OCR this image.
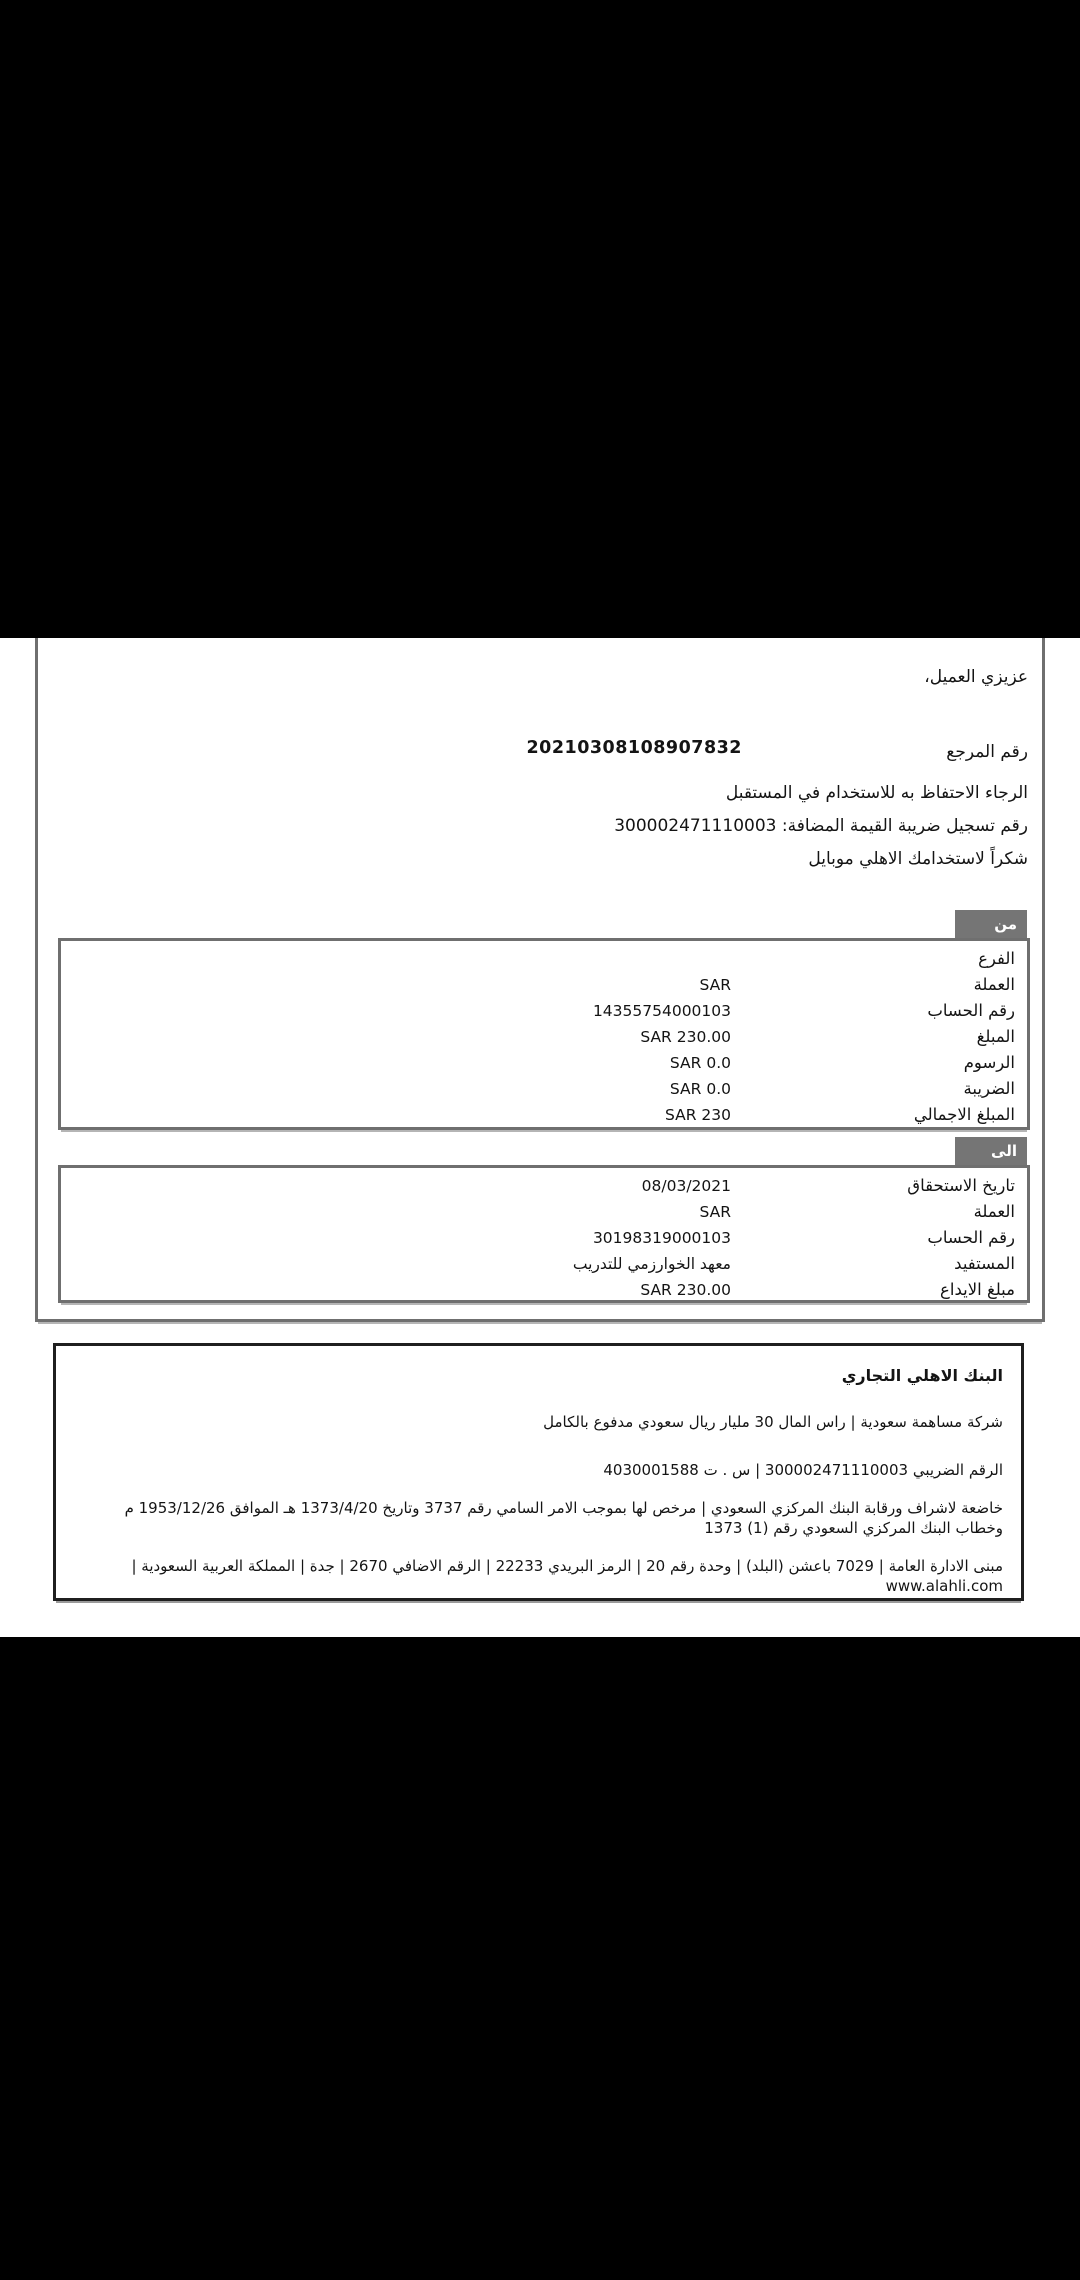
عزيزي العميل،
رقم المرجع
20210308108907832
الرجاء الاحتفاظ به للاستخدام في المستقبل
رقم تسجيل ضريبة القيمة المضافة: 300002471110003
شكراً لاستخدامك الاهلي موبايل
من
الفرع
العملة
SAR
رقم الحساب
14355754000103
المبلغ
230.00 SAR
الرسوم
0.0 SAR
الضريبة
0.0 SAR
المبلغ الاجمالي
230 SAR
الى
تاريخ الاستحقاق
08/03/2021
العملة
SAR
رقم الحساب
30198319000103
المستفيد
معهد الخوارزمي للتدريب
مبلغ الايداع
230.00 SAR
البنك الاهلي التجاري
شركة مساهمة سعودية | راس المال 30 مليار ريال سعودي مدفوع بالكامل
الرقم الضريبي 300002471110003 | س . ت 4030001588
خاضعة لاشراف ورقابة البنك المركزي السعودي | مرخص لها بموجب الامر السامي رقم 3737 وتاريخ 1373/4/20 هـ الموافق 1953/12/26 م وخطاب البنك المركزي السعودي رقم (1) 1373
مبنى الادارة العامة | 7029 باعشن (البلد) | وحدة رقم 20 | الرمز البريدي 22233 | الرقم الاضافي 2670 | جدة | المملكة العربية السعودية | www.alahli.com
